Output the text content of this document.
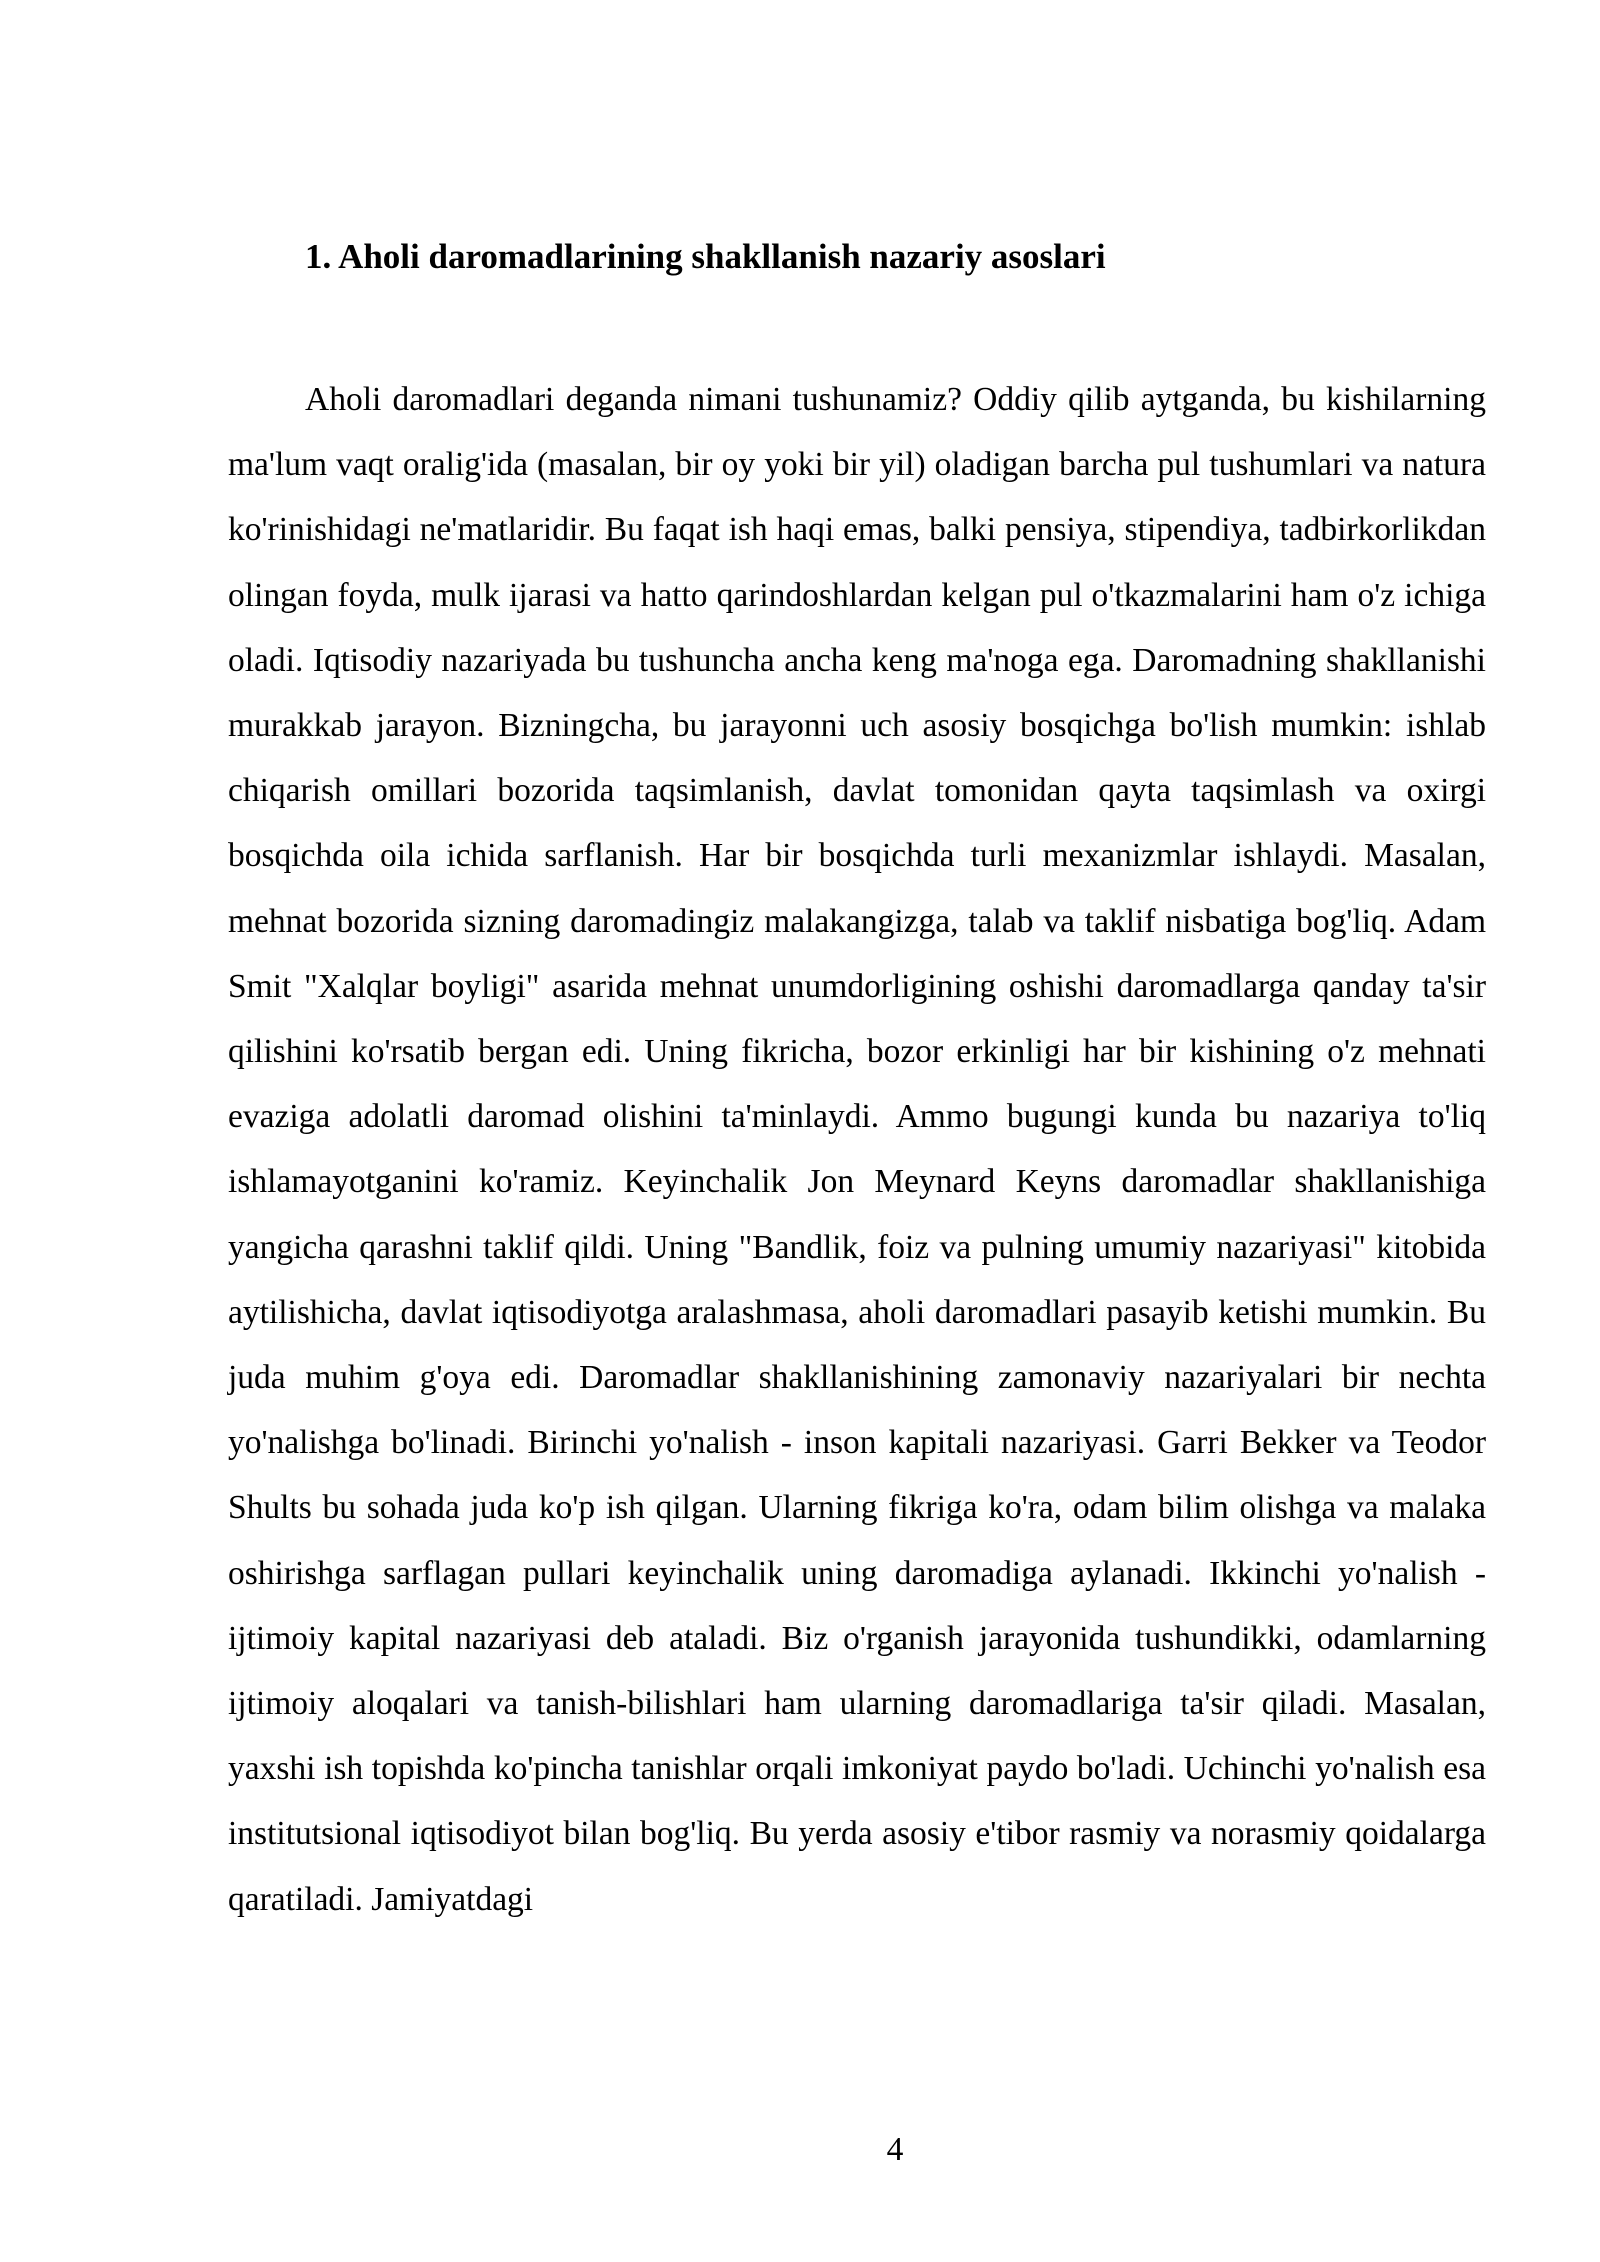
1. Aholi daromadlarining shakllanish nazariy asoslari

Aholi daromadlari deganda nimani tushunamiz? Oddiy qilib aytganda, bu kishilarning ma'lum vaqt oralig'ida (masalan, bir oy yoki bir yil) oladigan barcha pul tushumlari va natura ko'rinishidagi ne'matlaridir. Bu faqat ish haqi emas, balki pensiya, stipendiya, tadbirkorlikdan olingan foyda, mulk ijarasi va hatto qarindoshlardan kelgan pul o'tkazmalarini ham o'z ichiga oladi. Iqtisodiy nazariyada bu tushuncha ancha keng ma'noga ega. Daromadning shakllanishi murakkab jarayon. Bizningcha, bu jarayonni uch asosiy bosqichga bo'lish mumkin: ishlab chiqarish omillari bozorida taqsimlanish, davlat tomonidan qayta taqsimlash va oxirgi bosqichda oila ichida sarflanish. Har bir bosqichda turli mexanizmlar ishlaydi. Masalan, mehnat bozorida sizning daromadingiz malakangizga, talab va taklif nisbatiga bog'liq. Adam Smit "Xalqlar boyligi" asarida mehnat unumdorligining oshishi daromadlarga qanday ta'sir qilishini ko'rsatib bergan edi. Uning fikricha, bozor erkinligi har bir kishining o'z mehnati evaziga adolatli daromad olishini ta'minlaydi. Ammo bugungi kunda bu nazariya to'liq ishlamayotganini ko'ramiz. Keyinchalik Jon Meynard Keyns daromadlar shakllanishiga yangicha qarashni taklif qildi. Uning "Bandlik, foiz va pulning umumiy nazariyasi" kitobida aytilishicha, davlat iqtisodiyotga aralashmasa, aholi daromadlari pasayib ketishi mumkin. Bu juda muhim g'oya edi. Daromadlar shakllanishining zamonaviy nazariyalari bir nechta yo'nalishga bo'linadi. Birinchi yo'nalish - inson kapitali nazariyasi. Garri Bekker va Teodor Shults bu sohada juda ko'p ish qilgan. Ularning fikriga ko'ra, odam bilim olishga va malaka oshirishga sarflagan pullari keyinchalik uning daromadiga aylanadi. Ikkinchi yo'nalish - ijtimoiy kapital nazariyasi deb ataladi. Biz o'rganish jarayonida tushundikki, odamlarning ijtimoiy aloqalari va tanish-bilishlari ham ularning daromadlariga ta'sir qiladi. Masalan, yaxshi ish topishda ko'pincha tanishlar orqali imkoniyat paydo bo'ladi. Uchinchi yo'nalish esa institutsional iqtisodiyot bilan bog'liq. Bu yerda asosiy e'tibor rasmiy va norasmiy qoidalarga qaratiladi. Jamiyatdagi

4
